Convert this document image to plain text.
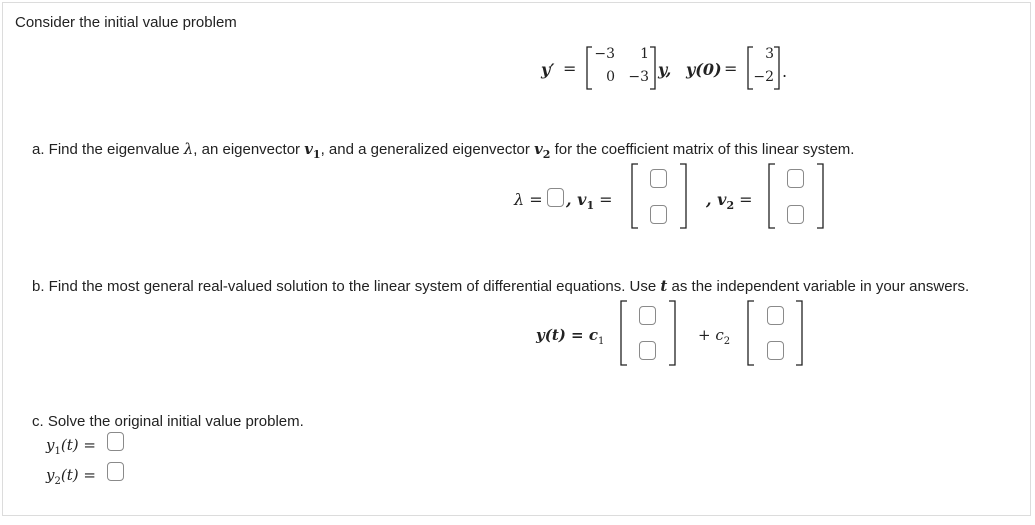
Consider the initial value problem
y′ =
−3	1
0 −3 y, y(0) =
3
−2 .
a. Find the eigenvalue λ, an eigenvector $v_1$, and a generalized eigenvector $v_2$ for the coefficient matrix of this linear system.
λ = , $v_1$ =	, $v_2$ =
b. Find the most general real-valued solution to the linear system of differential equations. Use t as the independent variable in your answers.
$y(t) = c_1$	+ $c_2$
c. Solve the original initial value problem.
$y_1(t)$ =
$y_2(t)$ =
